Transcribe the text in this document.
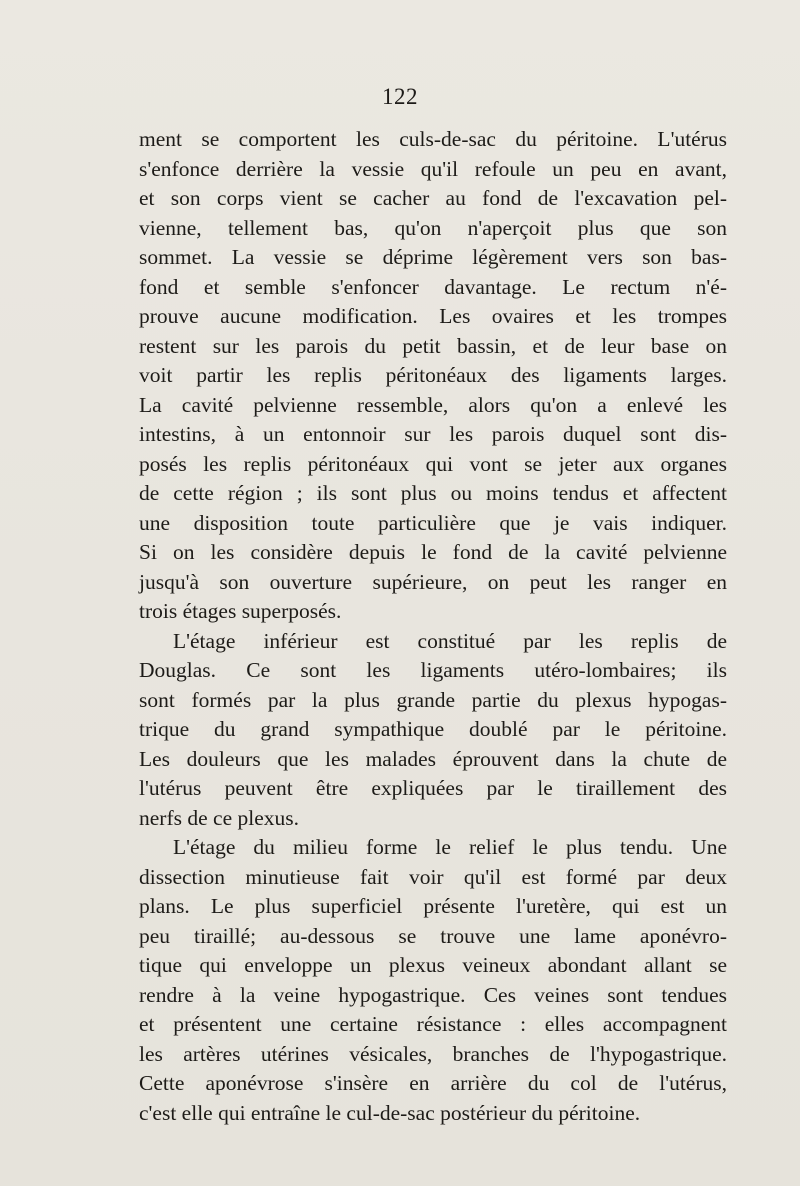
122
ment se comportent les culs-de-sac du péritoine. L'utérus
s'enfonce derrière la vessie qu'il refoule un peu en avant,
et son corps vient se cacher au fond de l'excavation pel-
vienne, tellement bas, qu'on n'aperçoit plus que son
sommet. La vessie se déprime légèrement vers son bas-
fond et semble s'enfoncer davantage. Le rectum n'é-
prouve aucune modification. Les ovaires et les trompes
restent sur les parois du petit bassin, et de leur base on
voit partir les replis péritonéaux des ligaments larges.
La cavité pelvienne ressemble, alors qu'on a enlevé les
intestins, à un entonnoir sur les parois duquel sont dis-
posés les replis péritonéaux qui vont se jeter aux organes
de cette région ; ils sont plus ou moins tendus et affectent
une disposition toute particulière que je vais indiquer.
Si on les considère depuis le fond de la cavité pelvienne
jusqu'à son ouverture supérieure, on peut les ranger en
trois étages superposés.
L'étage inférieur est constitué par les replis de
Douglas. Ce sont les ligaments utéro-lombaires; ils
sont formés par la plus grande partie du plexus hypogas-
trique du grand sympathique doublé par le péritoine.
Les douleurs que les malades éprouvent dans la chute de
l'utérus peuvent être expliquées par le tiraillement des
nerfs de ce plexus.
L'étage du milieu forme le relief le plus tendu. Une
dissection minutieuse fait voir qu'il est formé par deux
plans. Le plus superficiel présente l'uretère, qui est un
peu tiraillé; au-dessous se trouve une lame aponévro-
tique qui enveloppe un plexus veineux abondant allant se
rendre à la veine hypogastrique. Ces veines sont tendues
et présentent une certaine résistance : elles accompagnent
les artères utérines vésicales, branches de l'hypogastrique.
Cette aponévrose s'insère en arrière du col de l'utérus,
c'est elle qui entraîne le cul-de-sac postérieur du péritoine.
